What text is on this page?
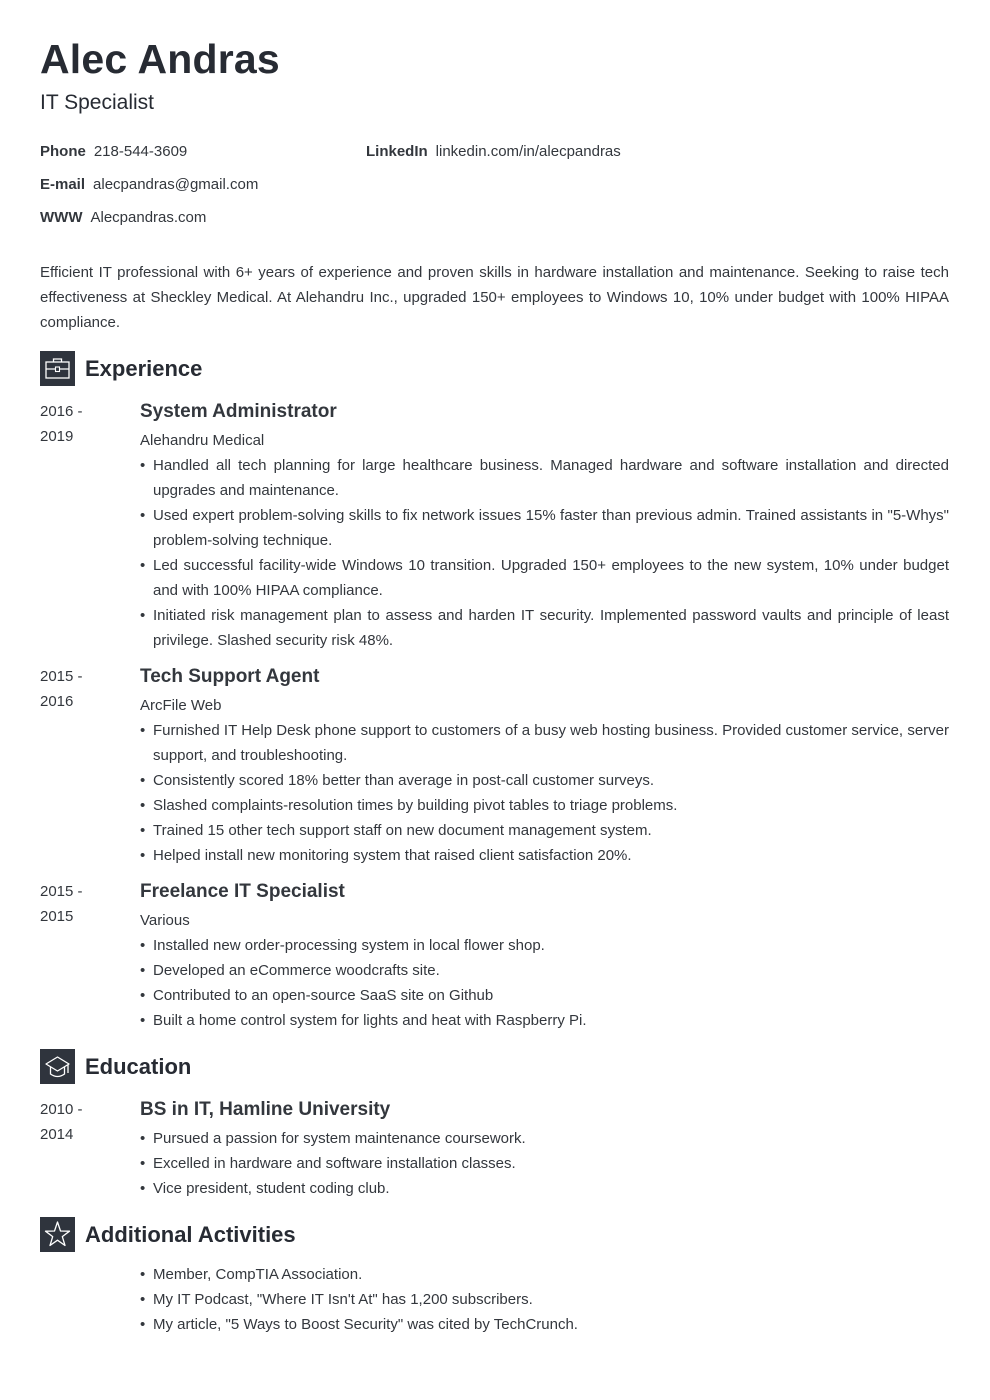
Alec Andras
IT Specialist
Phone 218-544-3609
E-mail alecpandras@gmail.com
WWW Alecpandras.com
LinkedIn linkedin.com/in/alecpandras

Efficient IT professional with 6+ years of experience and proven skills in hardware installation and maintenance. Seeking to raise tech effectiveness at Sheckley Medical. At Alehandru Inc., upgraded 150+ employees to Windows 10, 10% under budget with 100% HIPAA compliance.

Experience
2016 -
2019
System Administrator
Alehandru Medical
• Handled all tech planning for large healthcare business. Managed hardware and software installation and directed upgrades and maintenance.
• Used expert problem-solving skills to fix network issues 15% faster than previous admin. Trained assistants in "5-Whys" problem-solving technique.
• Led successful facility-wide Windows 10 transition. Upgraded 150+ employees to the new system, 10% under budget and with 100% HIPAA compliance.
• Initiated risk management plan to assess and harden IT security. Implemented password vaults and principle of least privilege. Slashed security risk 48%.
2015 -
2016
Tech Support Agent
ArcFile Web
• Furnished IT Help Desk phone support to customers of a busy web hosting business. Provided customer service, server support, and troubleshooting.
• Consistently scored 18% better than average in post-call customer surveys.
• Slashed complaints-resolution times by building pivot tables to triage problems.
• Trained 15 other tech support staff on new document management system.
• Helped install new monitoring system that raised client satisfaction 20%.
2015 -
2015
Freelance IT Specialist
Various
• Installed new order-processing system in local flower shop.
• Developed an eCommerce woodcrafts site.
• Contributed to an open-source SaaS site on Github
• Built a home control system for lights and heat with Raspberry Pi.
Education
2010 -
2014
BS in IT, Hamline University
• Pursued a passion for system maintenance coursework.
• Excelled in hardware and software installation classes.
• Vice president, student coding club.
Additional Activities
• Member, CompTIA Association.
• My IT Podcast, "Where IT Isn't At" has 1,200 subscribers.
• My article, "5 Ways to Boost Security" was cited by TechCrunch.
